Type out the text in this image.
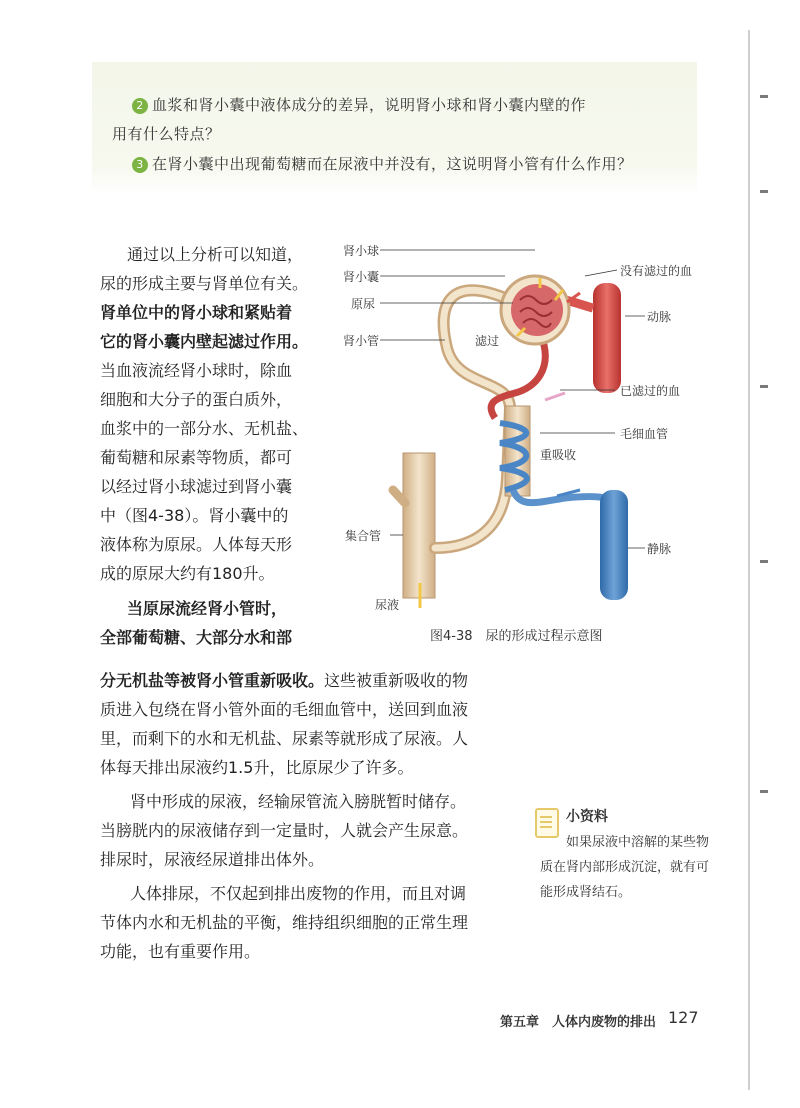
2 血浆和肾小囊中液体成分的差异，说明肾小球和肾小囊内壁的作
用有什么特点？
3 在肾小囊中出现葡萄糖而在尿液中并没有，这说明肾小管有什么作用？
通过以上分析可以知道，
尿的形成主要与肾单位有关。
肾单位中的肾小球和紧贴着
它的肾小囊内壁起滤过作用。
当血液流经肾小球时，除血
细胞和大分子的蛋白质外，
血浆中的一部分水、无机盐、
葡萄糖和尿素等物质，都可
以经过肾小球滤过到肾小囊
中（图4-38）。肾小囊中的
液体称为原尿。人体每天形
成的原尿大约有180升。
当原尿流经肾小管时，
全部葡萄糖、大部分水和部
分无机盐等被肾小管重新吸收。这些被重新吸收的物
质进入包绕在肾小管外面的毛细血管中，送回到血液
里，而剩下的水和无机盐、尿素等就形成了尿液。人
体每天排出尿液约1.5升，比原尿少了许多。
肾中形成的尿液，经输尿管流入膀胱暂时储存。
当膀胱内的尿液储存到一定量时，人就会产生尿意。
排尿时，尿液经尿道排出体外。
人体排尿，不仅起到排出废物的作用，而且对调
节体内水和无机盐的平衡，维持组织细胞的正常生理
功能，也有重要作用。
小资料
如果尿液中溶解的某些物质在肾内部形成沉淀，就有可能形成肾结石。
肾小球
肾小囊
原尿
肾小管	滤过
没有滤过的血
动脉
已滤过的血
毛细血管
重吸收
集合管
静脉
尿液
图4-38　尿的形成过程示意图
第五章　人体内废物的排出 127
